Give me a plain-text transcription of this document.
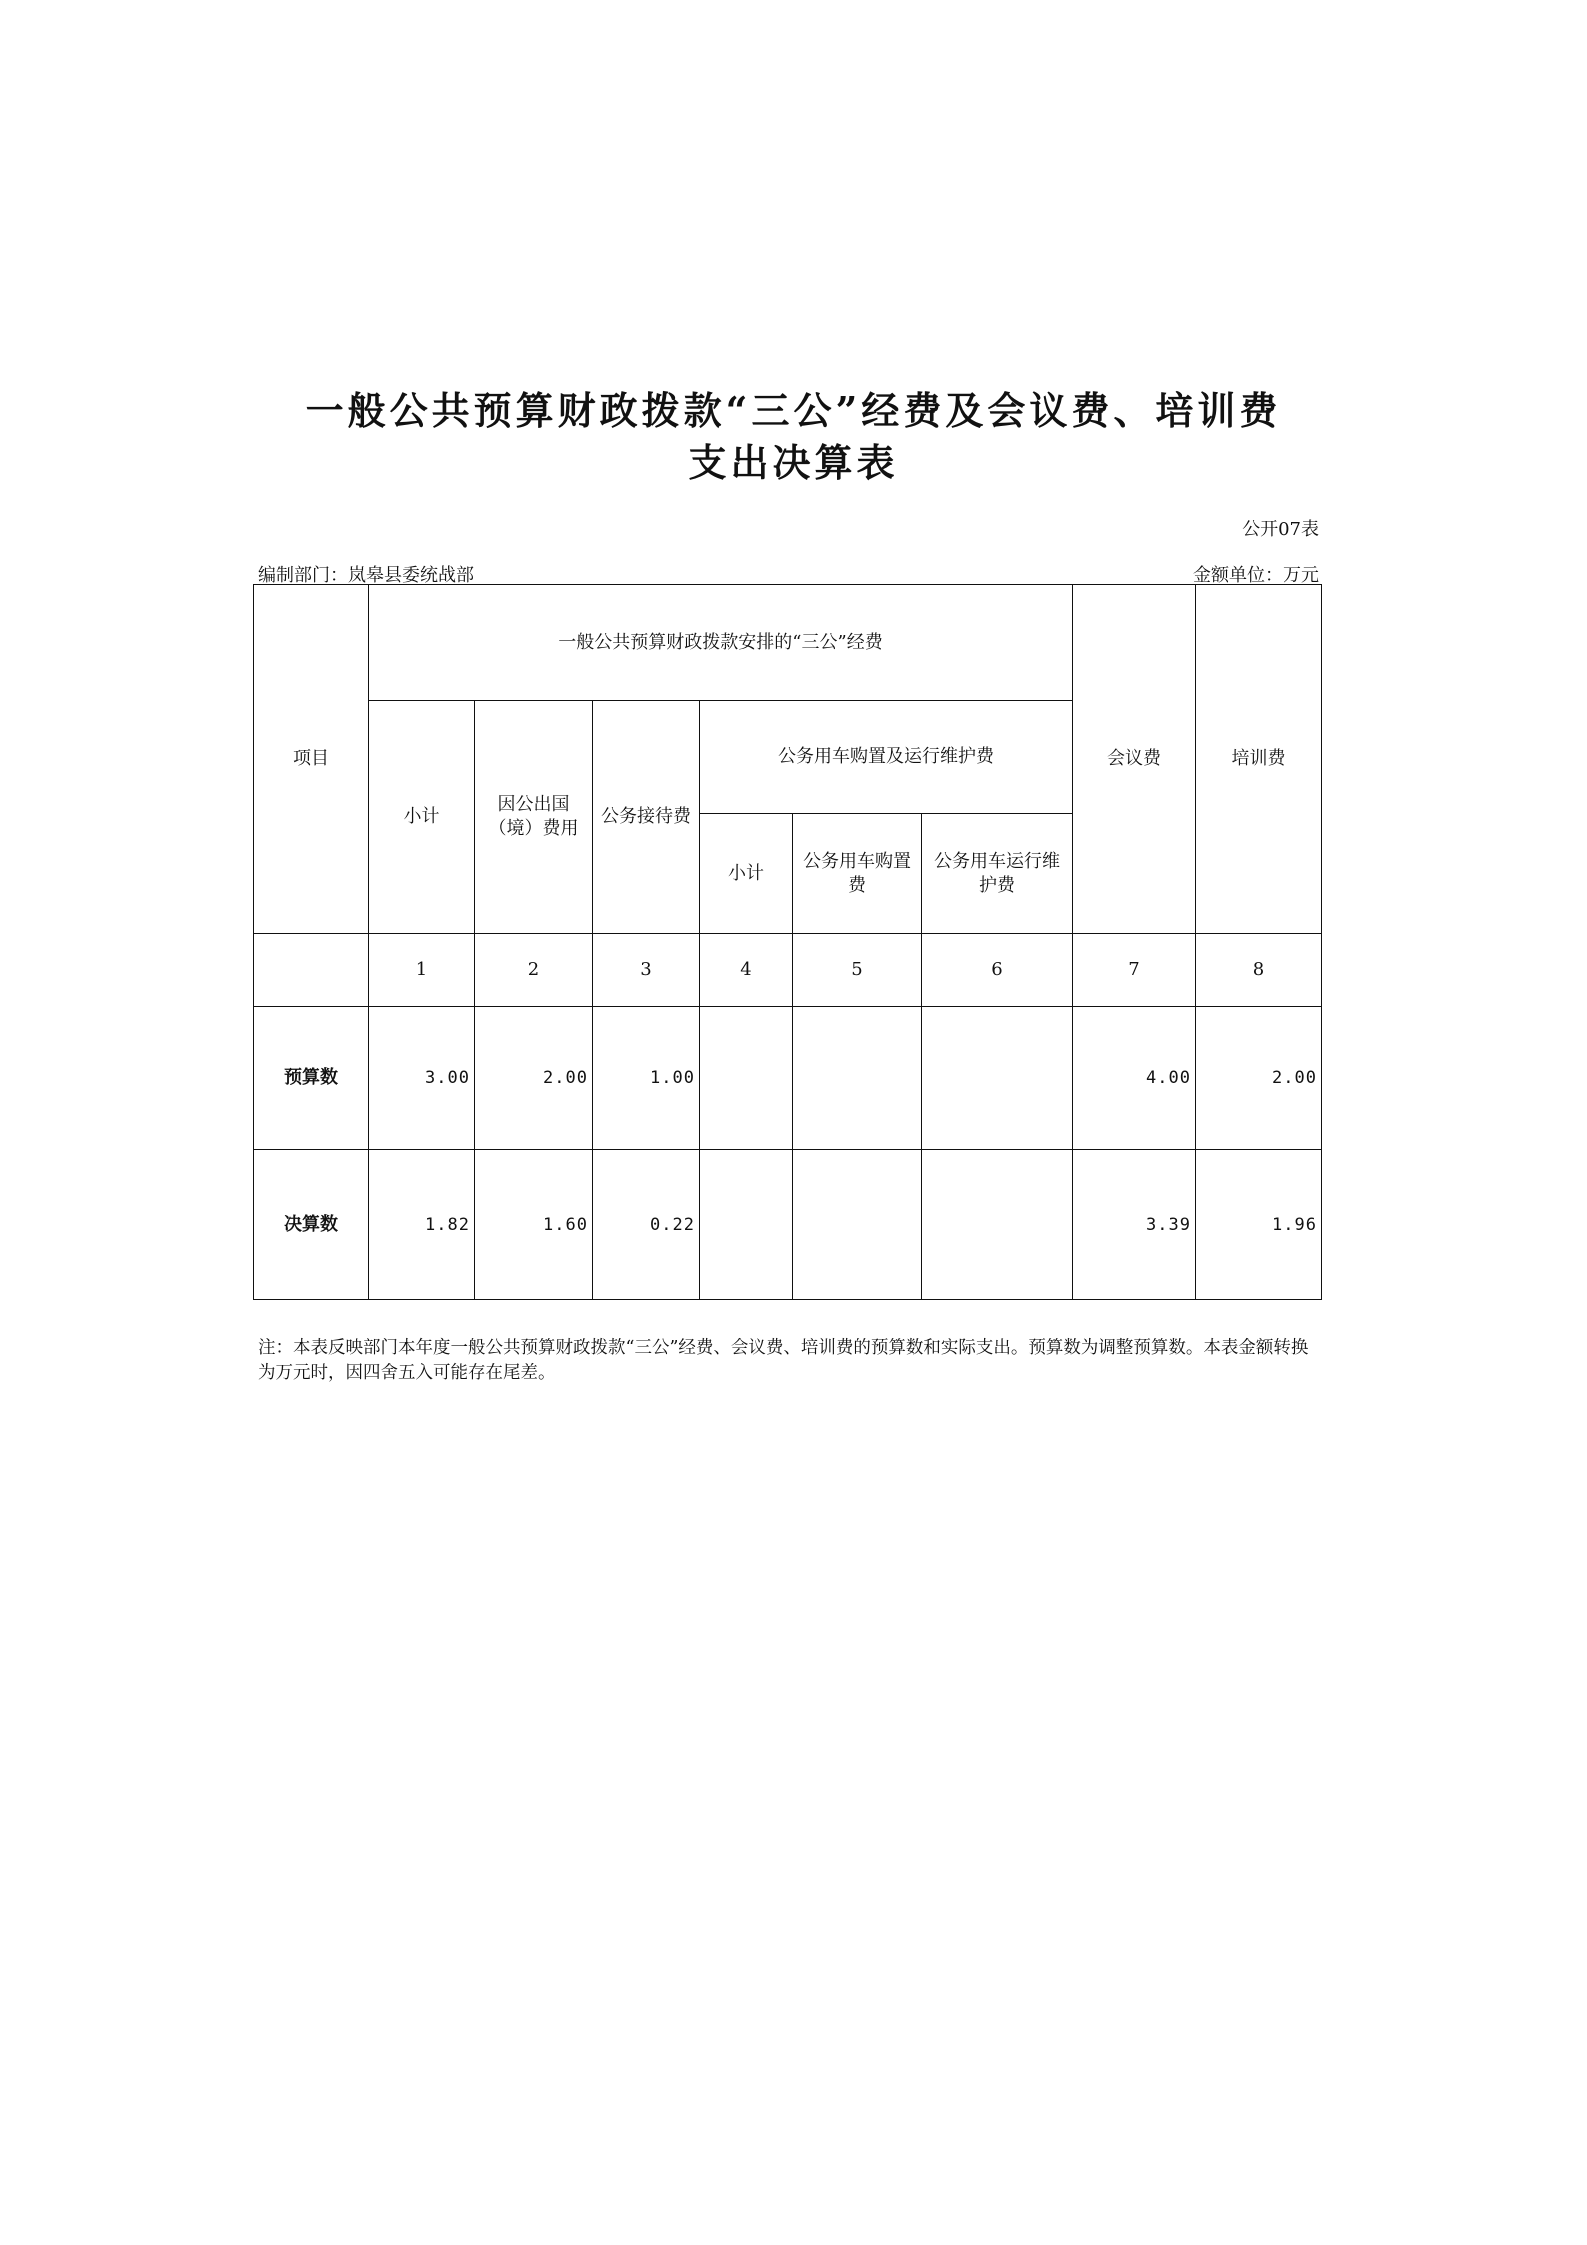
一般公共预算财政拨款“三公”经费及会议费、培训费
支出决算表
公开07表
编制部门：岚皋县委统战部	金额单位：万元
项目	一般公共预算财政拨款安排的“三公”经费						会议费	培训费
	小计	因公出国（境）费用	公务接待费	公务用车购置及运行维护费				
				小计	公务用车购置费	公务用车运行维护费		
	1	2	3	4	5	6	7	8
预算数	3.00	2.00	1.00				4.00	2.00
决算数	1.82	1.60	0.22				3.39	1.96
注：本表反映部门本年度一般公共预算财政拨款“三公”经费、会议费、培训费的预算数和实际支出。预算数为调整预算数。本表金额转换为万元时，因四舍五入可能存在尾差。
